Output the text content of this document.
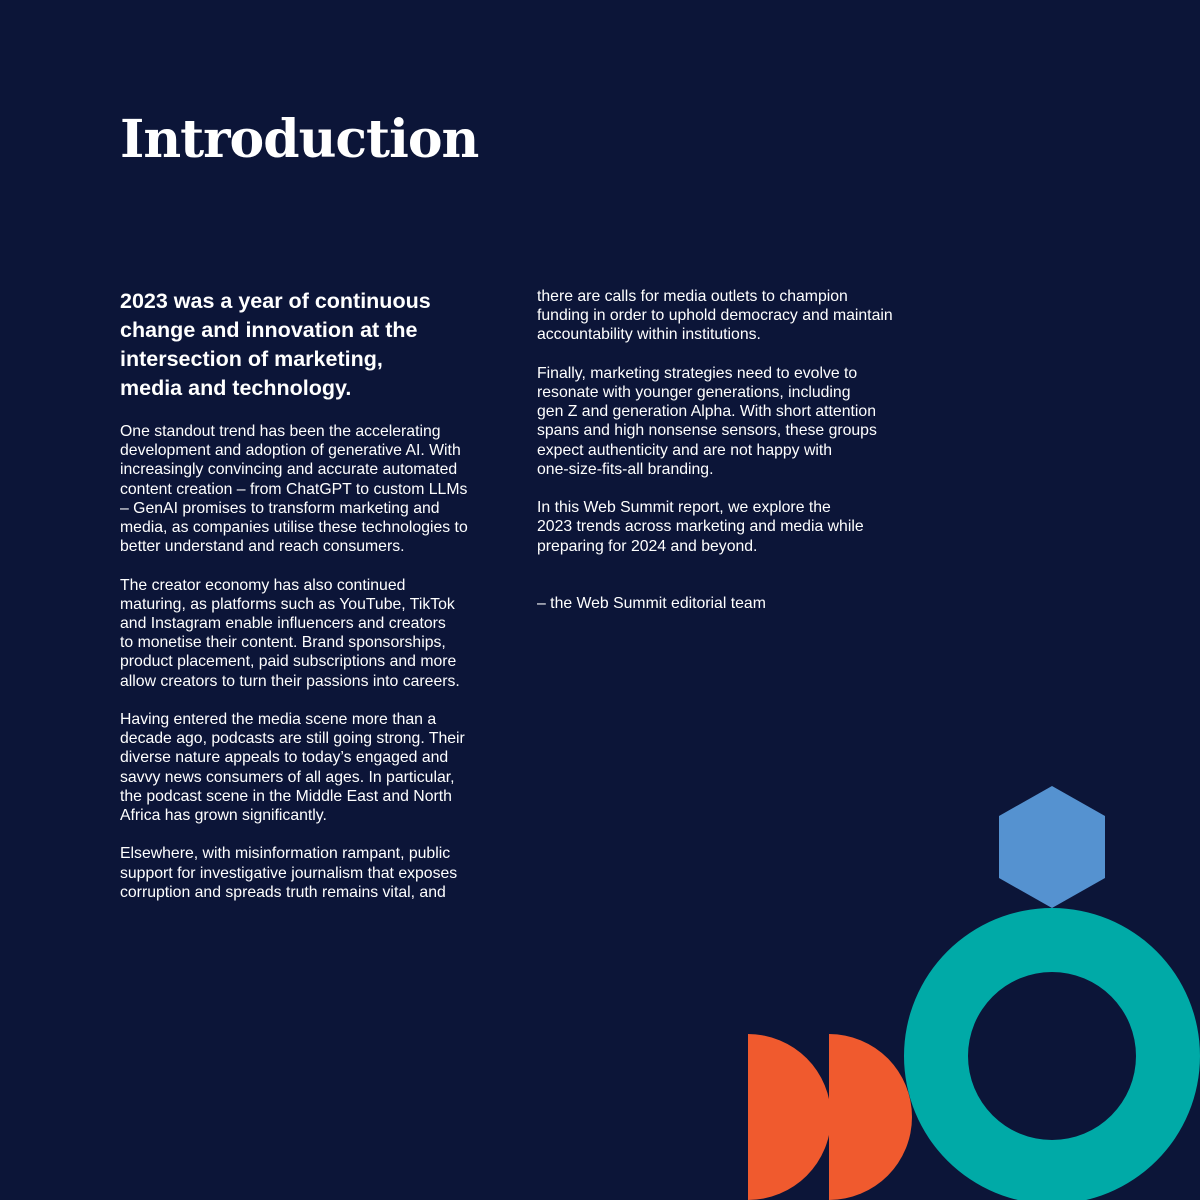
Introduction

2023 was a year of continuous
change and innovation at the
intersection of marketing,
media and technology.

One standout trend has been the accelerating
development and adoption of generative AI. With
increasingly convincing and accurate automated
content creation – from ChatGPT to custom LLMs
– GenAI promises to transform marketing and
media, as companies utilise these technologies to
better understand and reach consumers.

The creator economy has also continued
maturing, as platforms such as YouTube, TikTok
and Instagram enable influencers and creators
to monetise their content. Brand sponsorships,
product placement, paid subscriptions and more
allow creators to turn their passions into careers.

Having entered the media scene more than a
decade ago, podcasts are still going strong. Their
diverse nature appeals to today’s engaged and
savvy news consumers of all ages. In particular,
the podcast scene in the Middle East and North
Africa has grown significantly.

Elsewhere, with misinformation rampant, public
support for investigative journalism that exposes
corruption and spreads truth remains vital, and

there are calls for media outlets to champion
funding in order to uphold democracy and maintain
accountability within institutions.

Finally, marketing strategies need to evolve to
resonate with younger generations, including
gen Z and generation Alpha. With short attention
spans and high nonsense sensors, these groups
expect authenticity and are not happy with
one-size-fits-all branding.

In this Web Summit report, we explore the
2023 trends across marketing and media while
preparing for 2024 and beyond.

– the Web Summit editorial team
